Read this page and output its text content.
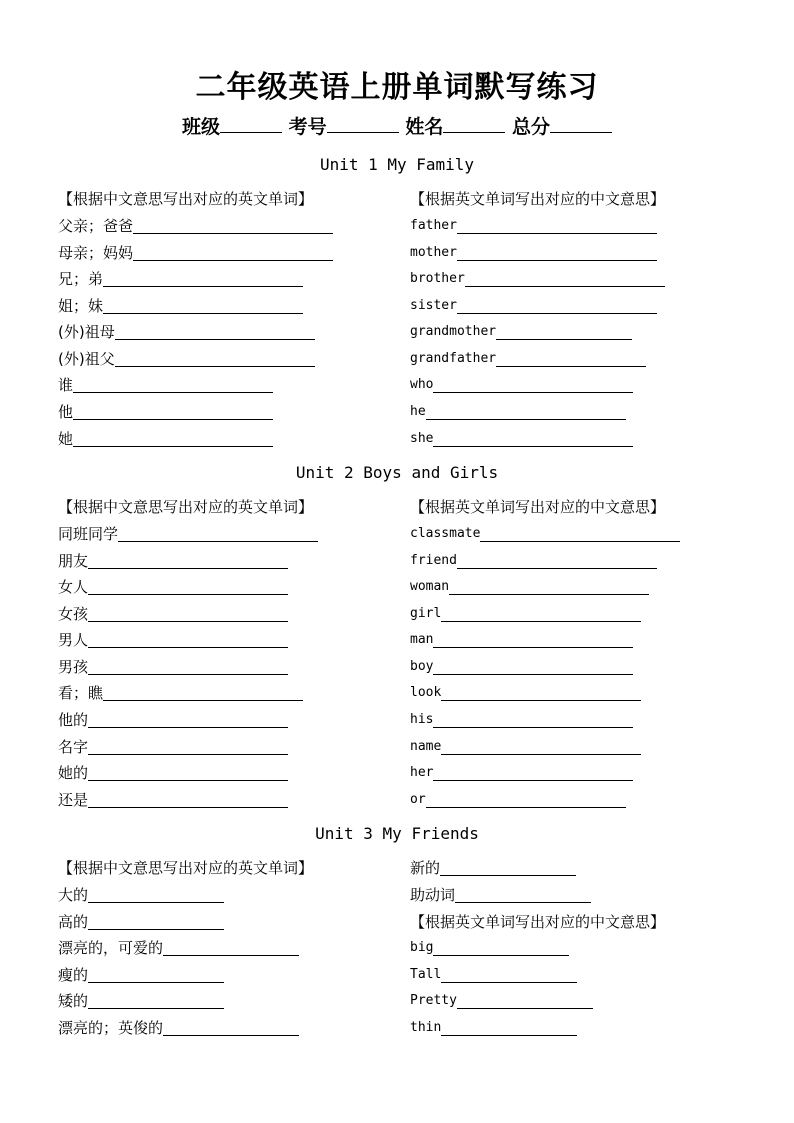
二年级英语上册单词默写练习
班级	考号	姓名	总分
Unit 1 My Family
【根据中文意思写出对应的英文单词】
父亲；爸爸
母亲；妈妈
兄；弟
姐；妹
(外)祖母
(外)祖父
谁
他
她
【根据英文单词写出对应的中文意思】
father
mother
brother
sister
grandmother
grandfather
who
he
she
Unit 2 Boys and Girls
【根据中文意思写出对应的英文单词】
同班同学
朋友
女人
女孩
男人
男孩
看；瞧
他的
名字
她的
还是
【根据英文单词写出对应的中文意思】
classmate
friend
woman
girl
man
boy
look
his
name
her
or
Unit 3 My Friends
【根据中文意思写出对应的英文单词】
大的
高的
漂亮的，可爱的
瘦的
矮的
漂亮的；英俊的
新的
助动词
【根据英文单词写出对应的中文意思】
big
Tall
Pretty
thin
